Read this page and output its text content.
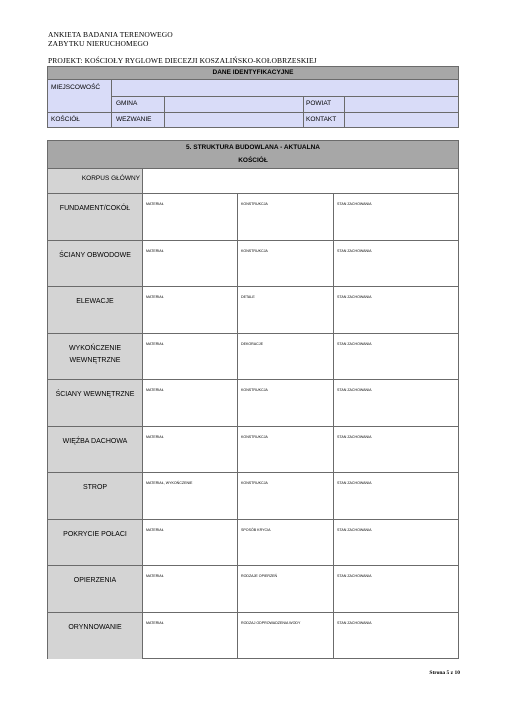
ANKIETA BADANIA TERENOWEGO
ZABYTKU NIERUCHOMEGO
PROJEKT: KOŚCIOŁY RYGLOWE DIECEZJI KOSZALIŃSKO-KOŁOBRZESKIEJ
DANE IDENTYFIKACYJNE
MIEJSCOWOŚĆ
GMINA	POWIAT
KOŚCIÓŁ	WEZWANIE	KONTAKT
5. STRUKTURA BUDOWLANA - AKTUALNA
KOŚCIÓŁ
KORPUS GŁÓWNY
FUNDAMENT/COKÓŁ
MATERIAŁ	KONSTRUKCJA	STAN ZACHOWANIA
ŚCIANY OBWODOWE
MATERIAŁ	KONSTRUKCJA	STAN ZACHOWANIA
ELEWACJE
MATERIAŁ	DETALE	STAN ZACHOWANIA
WYKOŃCZENIE
WEWNĘTRZNE
MATERIAŁ	DEKORACJE	STAN ZACHOWANIA
ŚCIANY WEWNĘTRZNE
MATERIAŁ	KONSTRUKCJA	STAN ZACHOWANIA
WIĘŹBA DACHOWA
MATERIAŁ	KONSTRUKCJA	STAN ZACHOWANIA
STROP
MATERIAŁ, WYKOŃCZENIE	KONSTRUKCJA	STAN ZACHOWANIA
POKRYCIE POŁACI
MATERIAŁ	SPOSÓB KRYCIA	STAN ZACHOWANIA
OPIERZENIA
MATERIAŁ	RODZAJE OPIERZEŃ	STAN ZACHOWANIA
ORYNNOWANIE
MATERIAŁ	RODZAJ ODPROWADZENIA WODY	STAN ZACHOWANIA
Strona 5 z 10
